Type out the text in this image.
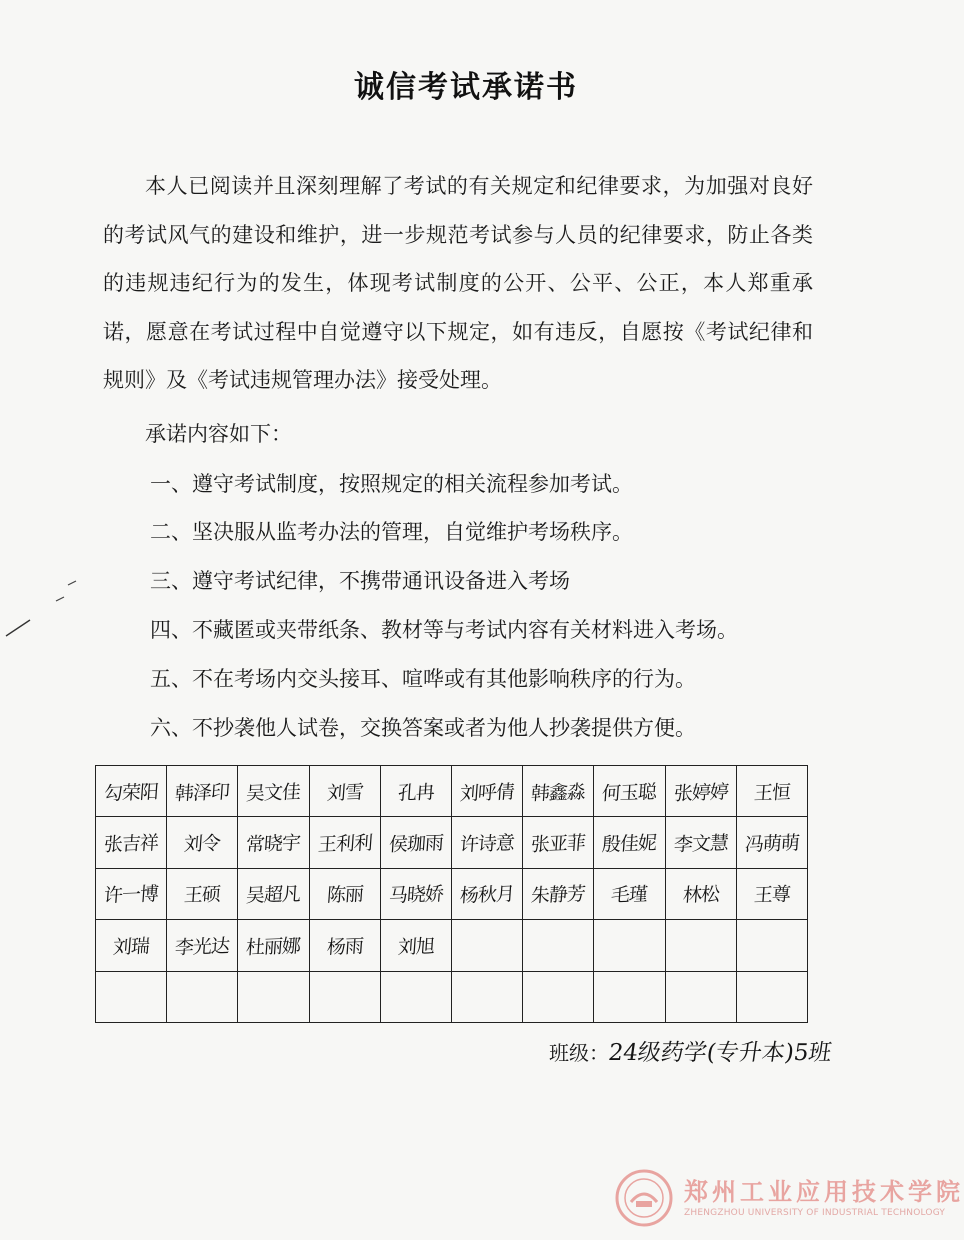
诚信考试承诺书
本人已阅读并且深刻理解了考试的有关规定和纪律要求，为加强对良好的考试风气的建设和维护，进一步规范考试参与人员的纪律要求，防止各类的违规违纪行为的发生，体现考试制度的公开、公平、公正，本人郑重承诺，愿意在考试过程中自觉遵守以下规定，如有违反，自愿按《考试纪律和规则》及《考试违规管理办法》接受处理。
承诺内容如下：
一、遵守考试制度，按照规定的相关流程参加考试。
二、坚决服从监考办法的管理，自觉维护考场秩序。
三、遵守考试纪律，不携带通讯设备进入考场
四、不藏匿或夹带纸条、教材等与考试内容有关材料进入考场。
五、不在考场内交头接耳、喧哗或有其他影响秩序的行为。
六、不抄袭他人试卷，交换答案或者为他人抄袭提供方便。
勾荣阳	韩泽印	吴文佳	刘雪	孔冉	刘呼倩	韩鑫淼	何玉聪	张婷婷	王恒
张吉祥	刘令	常晓宇	王利利	侯珈雨	许诗意	张亚菲	殷佳妮	李文慧	冯萌萌
许一博	王硕	吴超凡	陈丽	马晓娇	杨秋月	朱静芳	毛瑾	林松	王尊
刘瑞	李光达	杜丽娜	杨雨	刘旭					

班级：24级药学(专升本)5班
郑州工业应用技术学院
ZHENGZHOU UNIVERSITY OF INDUSTRIAL TECHNOLOGY
